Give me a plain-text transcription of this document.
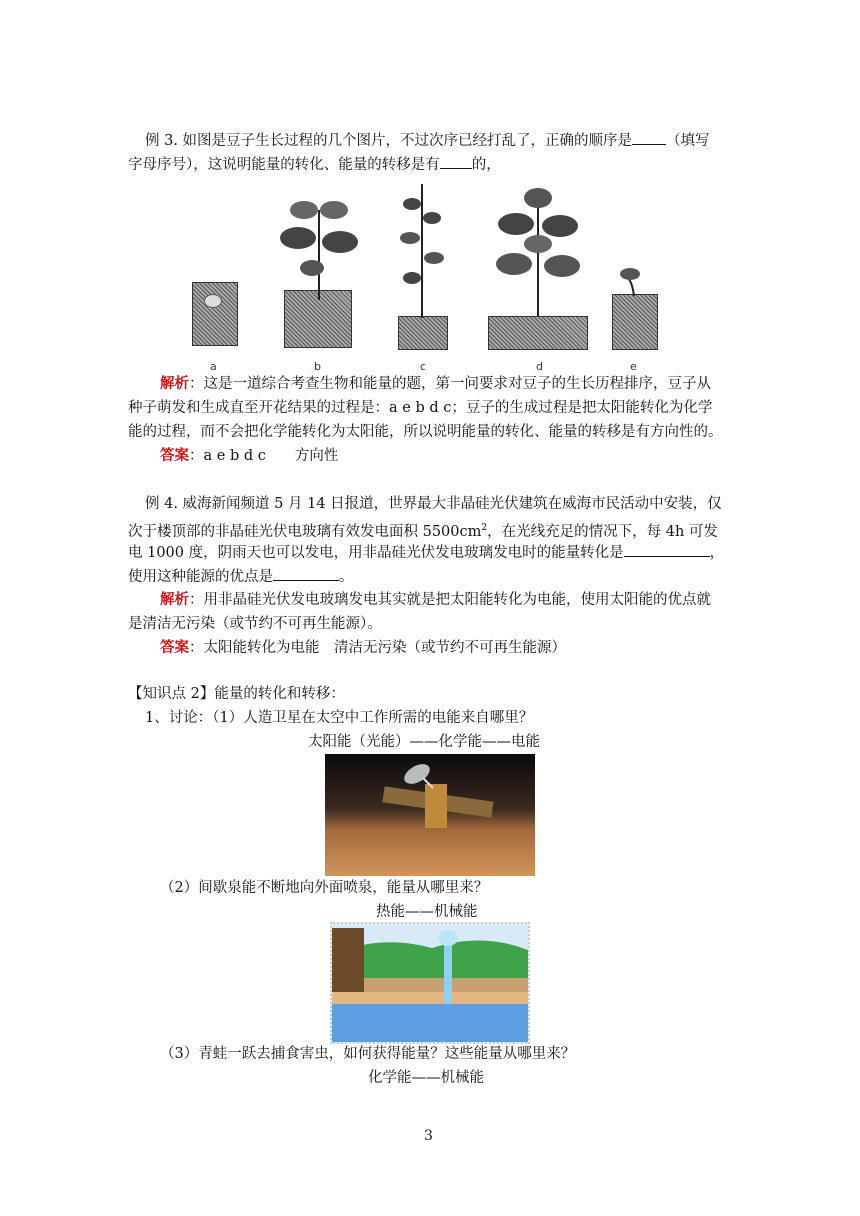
例 3. 如图是豆子生长过程的几个图片，不过次序已经打乱了，正确的顺序是 （填写
字母序号），这说明能量的转化、能量的转移是有 的，
a	b	c	d	e
解析：这是一道综合考查生物和能量的题，第一问要求对豆子的生长历程排序，豆子从
种子萌发和生成直至开花结果的过程是：a e b d c；豆子的生成过程是把太阳能转化为化学
能的过程，而不会把化学能转化为太阳能，所以说明能量的转化、能量的转移是有方向性的。
答案：a e b d c　　方向性
例 4. 威海新闻频道 5 月 14 日报道，世界最大非晶硅光伏建筑在威海市民活动中安装，仅
次于楼顶部的非晶硅光伏电玻璃有效发电面积 $5500cm^2$，在光线充足的情况下，每 4h 可发
电 1000 度，阴雨天也可以发电，用非晶硅光伏发电玻璃发电时的能量转化是	，
使用这种能源的优点是	。
解析：用非晶硅光伏发电玻璃发电其实就是把太阳能转化为电能，使用太阳能的优点就
是清洁无污染（或节约不可再生能源）。
答案：太阳能转化为电能　清洁无污染（或节约不可再生能源）
【知识点 2】能量的转化和转移：
1、讨论：（1）人造卫星在太空中工作所需的电能来自哪里？
太阳能（光能）——化学能——电能
（2）间歇泉能不断地向外面喷泉，能量从哪里来？
热能——机械能
（3）青蛙一跃去捕食害虫，如何获得能量？这些能量从哪里来？
化学能——机械能
3
